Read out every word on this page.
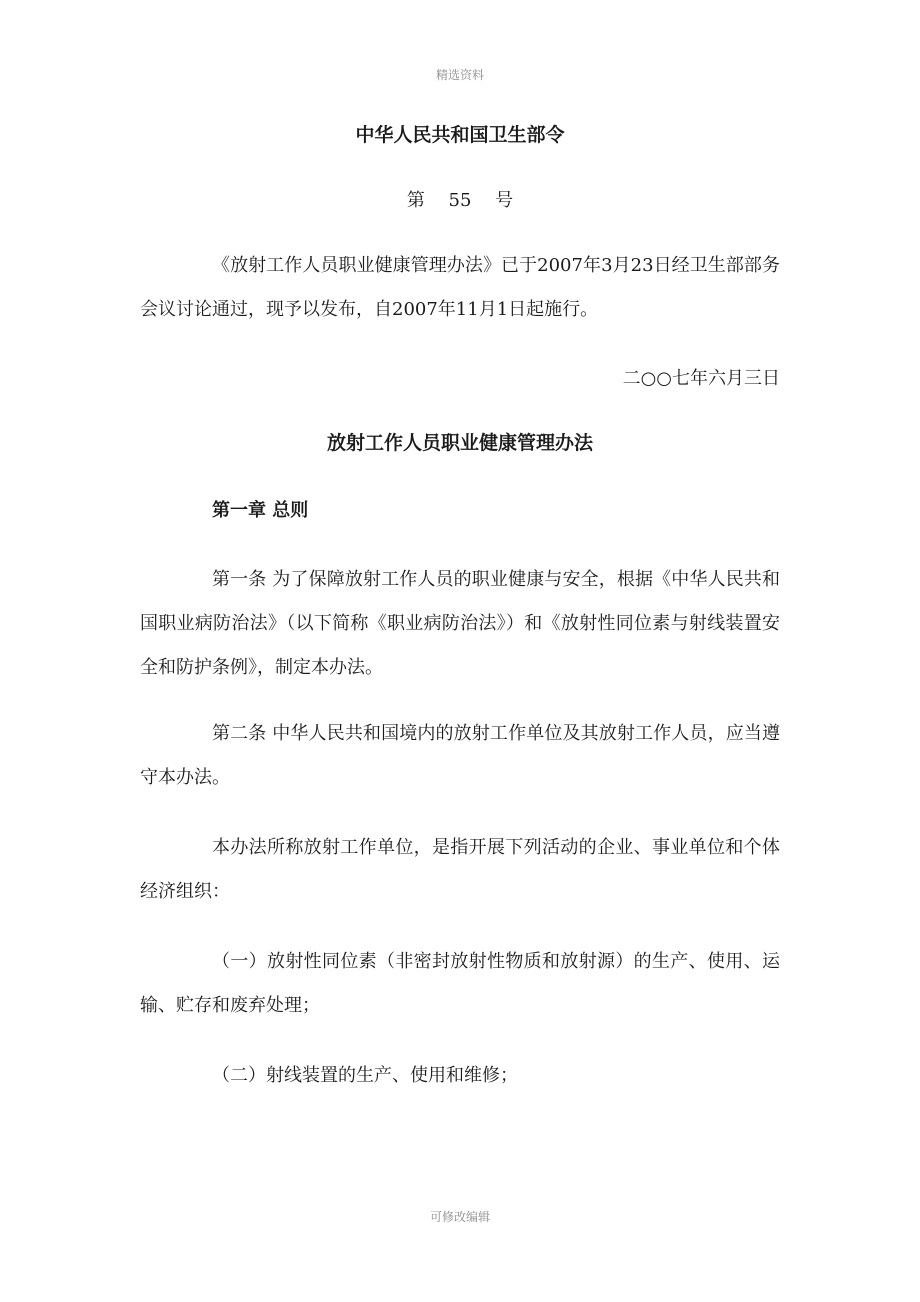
精选资料
中华人民共和国卫生部令
第 55 号
《放射工作人员职业健康管理办法》已于2007年3月23日经卫生部部务会议讨论通过，现予以发布，自2007年11月1日起施行。
二○○七年六月三日
放射工作人员职业健康管理办法
第一章 总则
第一条 为了保障放射工作人员的职业健康与安全，根据《中华人民共和国职业病防治法》（以下简称《职业病防治法》）和《放射性同位素与射线装置安全和防护条例》，制定本办法。
第二条 中华人民共和国境内的放射工作单位及其放射工作人员，应当遵守本办法。
本办法所称放射工作单位，是指开展下列活动的企业、事业单位和个体经济组织：
（一）放射性同位素（非密封放射性物质和放射源）的生产、使用、运输、贮存和废弃处理；
（二）射线装置的生产、使用和维修；
可修改编辑
